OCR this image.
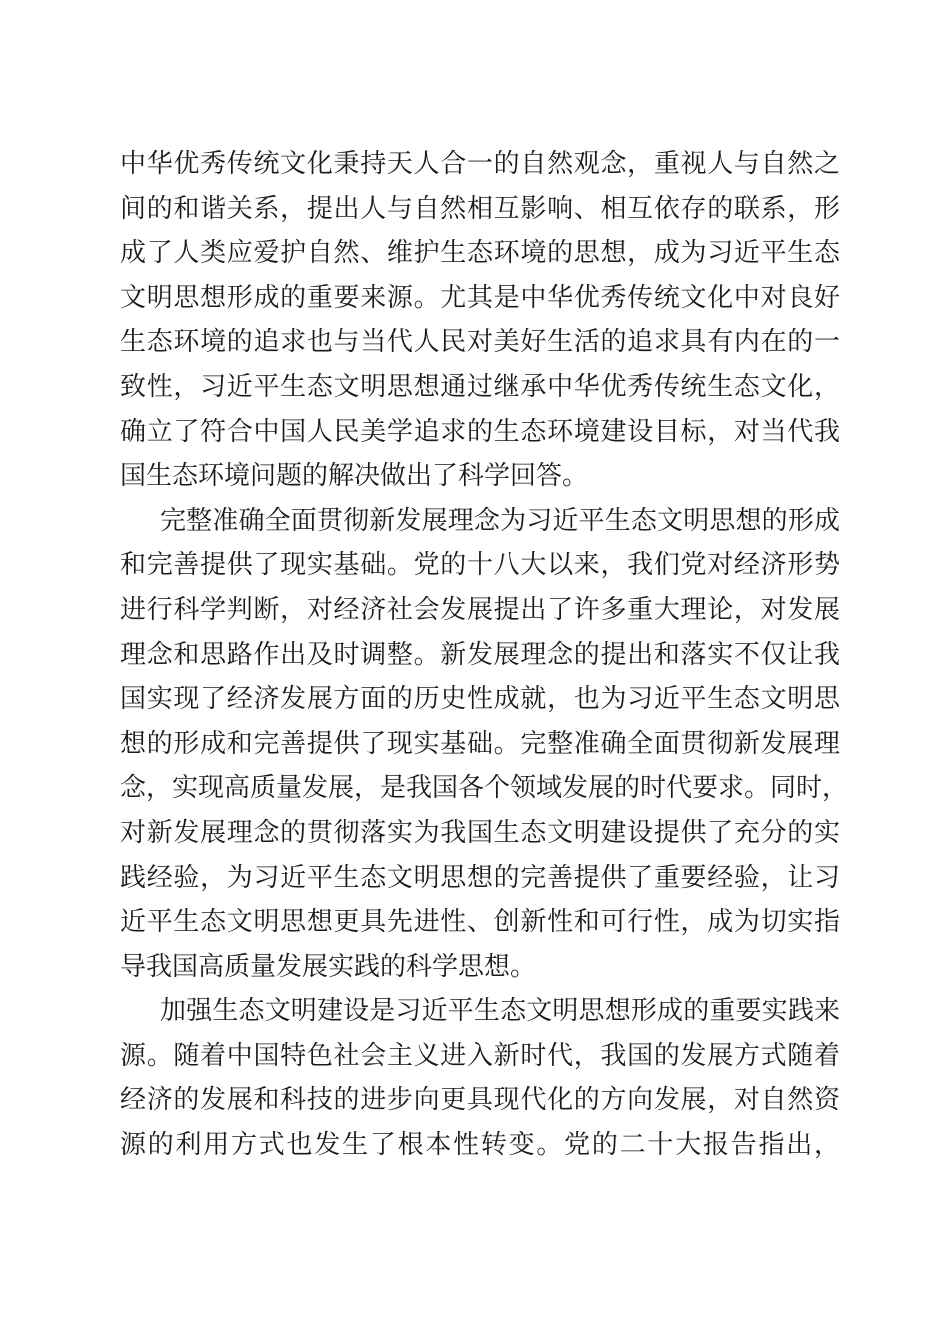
中华优秀传统文化秉持天人合一的自然观念，重视人与自然之
间的和谐关系，提出人与自然相互影响、相互依存的联系，形
成了人类应爱护自然、维护生态环境的思想，成为习近平生态
文明思想形成的重要来源。尤其是中华优秀传统文化中对良好
生态环境的追求也与当代人民对美好生活的追求具有内在的一
致性，习近平生态文明思想通过继承中华优秀传统生态文化，
确立了符合中国人民美学追求的生态环境建设目标，对当代我
国生态环境问题的解决做出了科学回答。
完整准确全面贯彻新发展理念为习近平生态文明思想的形成
和完善提供了现实基础。党的十八大以来，我们党对经济形势
进行科学判断，对经济社会发展提出了许多重大理论，对发展
理念和思路作出及时调整。新发展理念的提出和落实不仅让我
国实现了经济发展方面的历史性成就，也为习近平生态文明思
想的形成和完善提供了现实基础。完整准确全面贯彻新发展理
念，实现高质量发展，是我国各个领域发展的时代要求。同时，
对新发展理念的贯彻落实为我国生态文明建设提供了充分的实
践经验，为习近平生态文明思想的完善提供了重要经验，让习
近平生态文明思想更具先进性、创新性和可行性，成为切实指
导我国高质量发展实践的科学思想。
加强生态文明建设是习近平生态文明思想形成的重要实践来
源。随着中国特色社会主义进入新时代，我国的发展方式随着
经济的发展和科技的进步向更具现代化的方向发展，对自然资
源的利用方式也发生了根本性转变。党的二十大报告指出，
